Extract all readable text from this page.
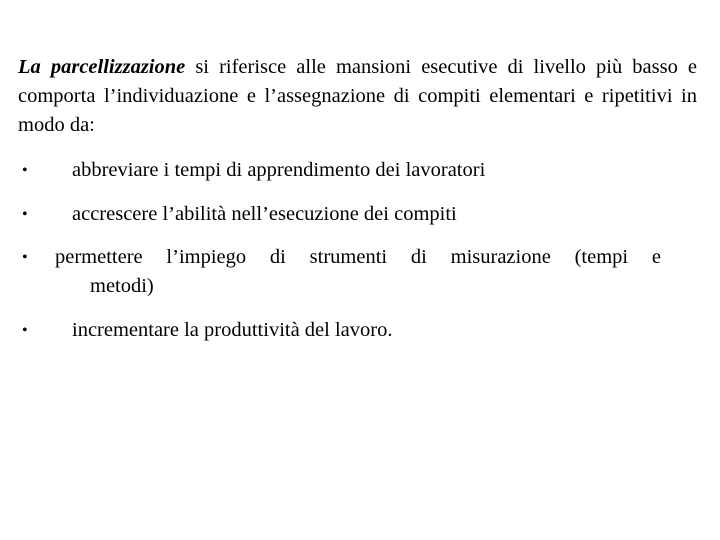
La parcellizzazione si riferisce alle mansioni esecutive di livello più basso e comporta l’individuazione e l’assegnazione di compiti elementari e ripetitivi in modo da:

• abbreviare i tempi di apprendimento dei lavoratori
• accrescere l’abilità nell’esecuzione dei compiti
• permettere l’impiego di strumenti di misurazione (tempi e
metodi)
• incrementare la produttività del lavoro.
